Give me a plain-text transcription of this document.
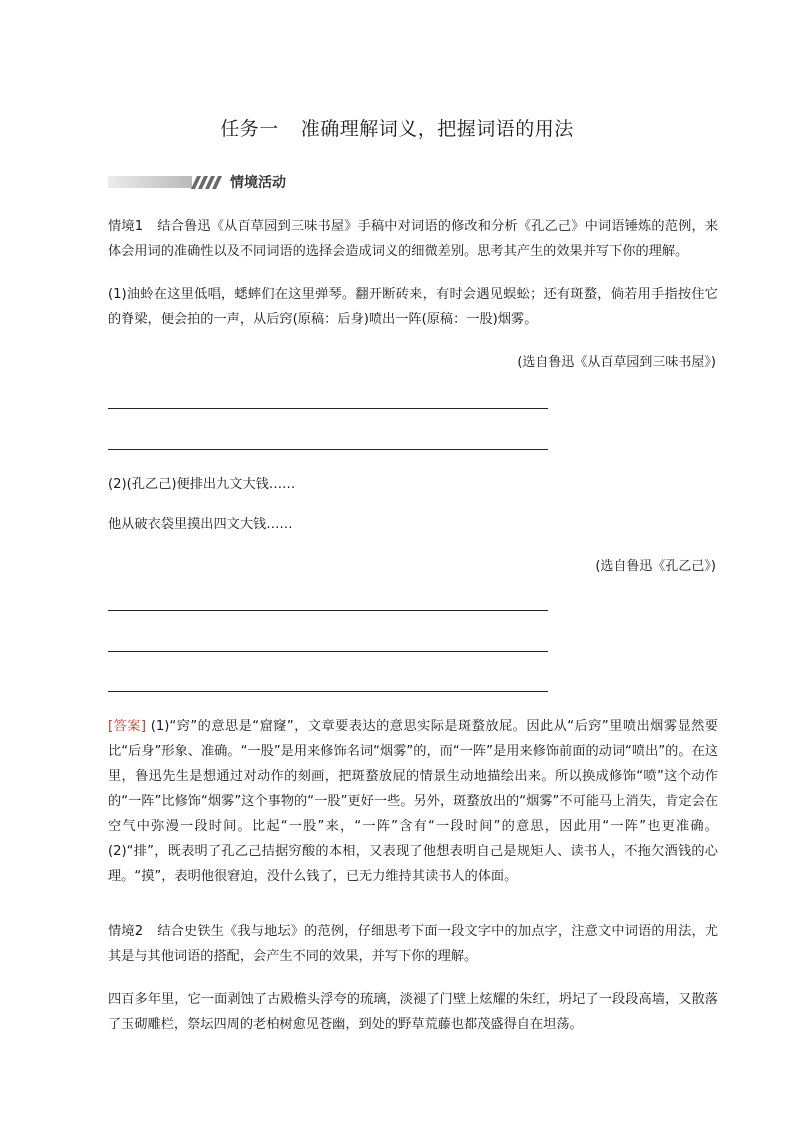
任务一 准确理解词义，把握词语的用法
情境活动
情境1 结合鲁迅《从百草园到三味书屋》手稿中对词语的修改和分析《孔乙己》中词语锤炼的范例，来体会用词的准确性以及不同词语的选择会造成词义的细微差别。思考其产生的效果并写下你的理解。
(1)油蛉在这里低唱，蟋蟀们在这里弹琴。翻开断砖来，有时会遇见蜈蚣；还有斑蝥，倘若用手指按住它的脊梁，便会拍的一声，从后窍(原稿：后身)喷出一阵(原稿：一股)烟雾。
(选自鲁迅《从百草园到三味书屋》)
(2)(孔乙己)便排出九文大钱……
他从破衣袋里摸出四文大钱……
(选自鲁迅《孔乙己》)
[答案] (1)“窍”的意思是“窟窿”，文章要表达的意思实际是斑蝥放屁。因此从“后窍”里喷出烟雾显然要比“后身”形象、准确。“一股”是用来修饰名词“烟雾”的，而“一阵”是用来修饰前面的动词“喷出”的。在这里，鲁迅先生是想通过对动作的刻画，把斑蝥放屁的情景生动地描绘出来。所以换成修饰“喷”这个动作的“一阵”比修饰“烟雾”这个事物的“一股”更好一些。另外，斑蝥放出的“烟雾”不可能马上消失，肯定会在空气中弥漫一段时间。比起“一股”来，“一阵”含有“一段时间”的意思，因此用“一阵”也更准确。(2)“排”，既表明了孔乙己拮据穷酸的本相，又表现了他想表明自己是规矩人、读书人，不拖欠酒钱的心理。“摸”，表明他很窘迫，没什么钱了，已无力维持其读书人的体面。
情境2 结合史铁生《我与地坛》的范例，仔细思考下面一段文字中的加点字，注意文中词语的用法，尤其是与其他词语的搭配，会产生不同的效果，并写下你的理解。
四百多年里，它一面剥蚀了古殿檐头浮夸的琉璃，淡褪了门壁上炫耀的朱红，坍圮了一段段高墙，又散落了玉砌雕栏，祭坛四周的老柏树愈见苍幽，到处的野草荒藤也都茂盛得自在坦荡。
